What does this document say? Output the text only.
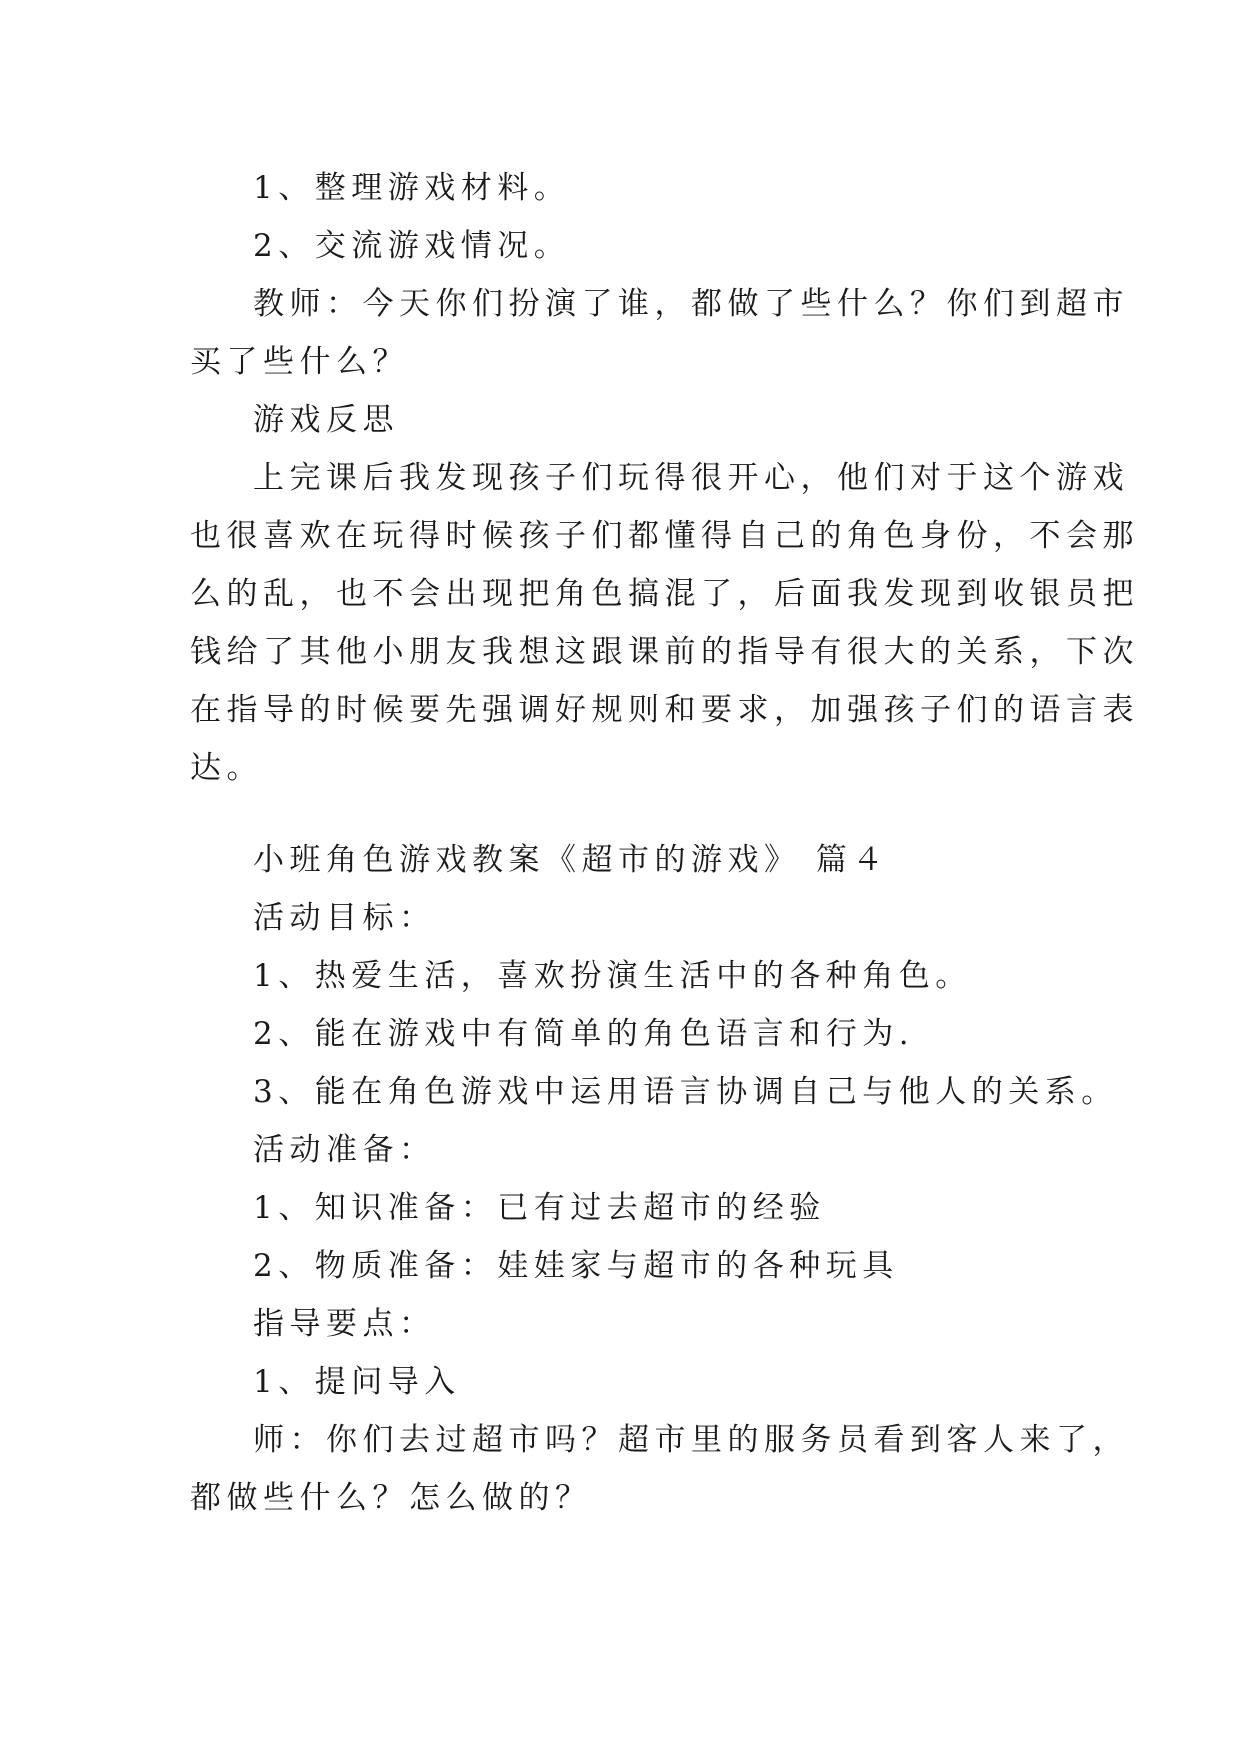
1、整理游戏材料。
2、交流游戏情况。
教师：今天你们扮演了谁，都做了些什么？你们到超市
买了些什么？
游戏反思
上完课后我发现孩子们玩得很开心，他们对于这个游戏
也很喜欢在玩得时候孩子们都懂得自己的角色身份，不会那
么的乱，也不会出现把角色搞混了，后面我发现到收银员把
钱给了其他小朋友我想这跟课前的指导有很大的关系，下次
在指导的时候要先强调好规则和要求，加强孩子们的语言表
达。
小班角色游戏教案《超市的游戏》 篇４
活动目标：
1、热爱生活，喜欢扮演生活中的各种角色。
2、能在游戏中有简单的角色语言和行为.
3、能在角色游戏中运用语言协调自己与他人的关系。
活动准备：
1、知识准备：已有过去超市的经验
2、物质准备：娃娃家与超市的各种玩具
指导要点：
1、提问导入
师：你们去过超市吗？超市里的服务员看到客人来了，
都做些什么？怎么做的？
